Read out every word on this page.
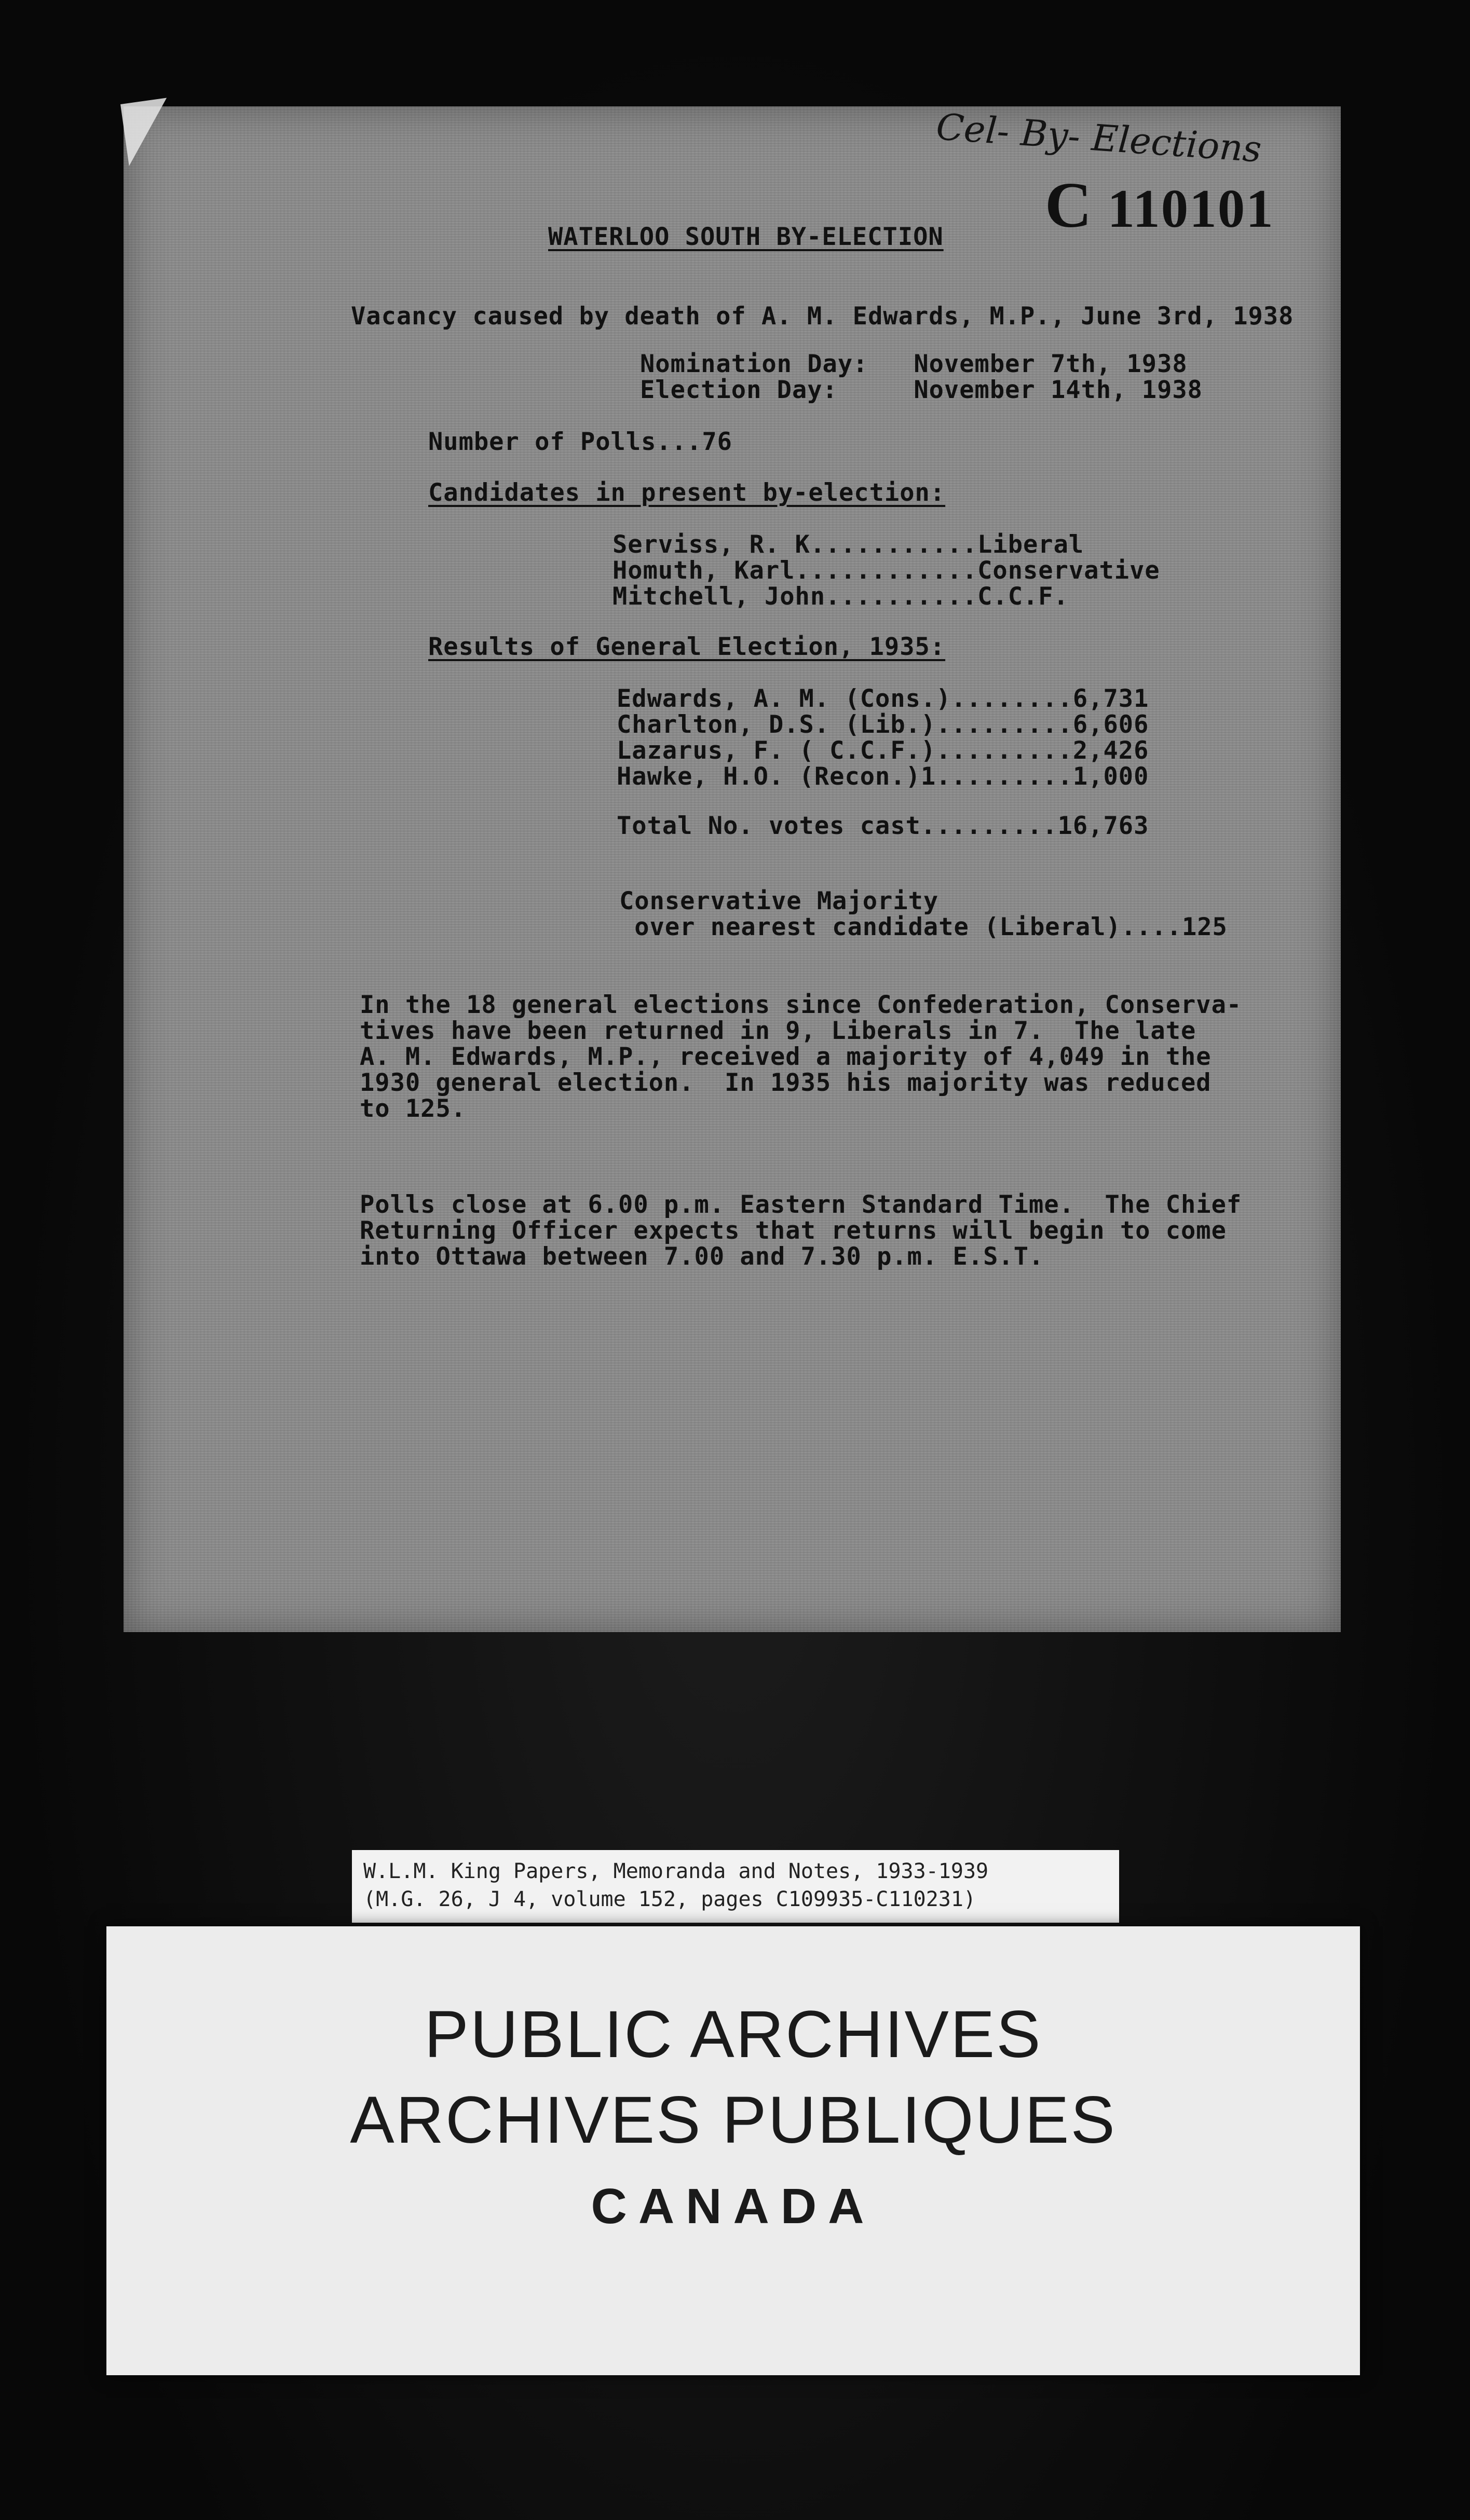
Cel- By- Elections
C 110101
WATERLOO SOUTH BY-ELECTION
Vacancy caused by death of A. M. Edwards, M.P., June 3rd, 1938
Nomination Day:   November 7th, 1938
Election Day:     November 14th, 1938
Number of Polls...76
Candidates in present by-election:
Serviss, R. K...........Liberal
Homuth, Karl............Conservative
Mitchell, John..........C.C.F.
Results of General Election, 1935:
Edwards, A. M. (Cons.)........6,731
Charlton, D.S. (Lib.).........6,606
Lazarus, F. ( C.C.F.).........2,426
Hawke, H.O. (Recon.)1.........1,000
Total No. votes cast.........16,763
Conservative Majority
over nearest candidate (Liberal)....125
In the 18 general elections since Confederation, Conserva-
tives have been returned in 9, Liberals in 7.  The late
A. M. Edwards, M.P., received a majority of 4,049 in the
1930 general election.  In 1935 his majority was reduced
to 125.
Polls close at 6.00 p.m. Eastern Standard Time.  The Chief
Returning Officer expects that returns will begin to come
into Ottawa between 7.00 and 7.30 p.m. E.S.T.
W.L.M. King Papers, Memoranda and Notes, 1933-1939
(M.G. 26, J 4, volume 152, pages C109935-C110231)
PUBLIC ARCHIVES
ARCHIVES PUBLIQUES
CANADA
